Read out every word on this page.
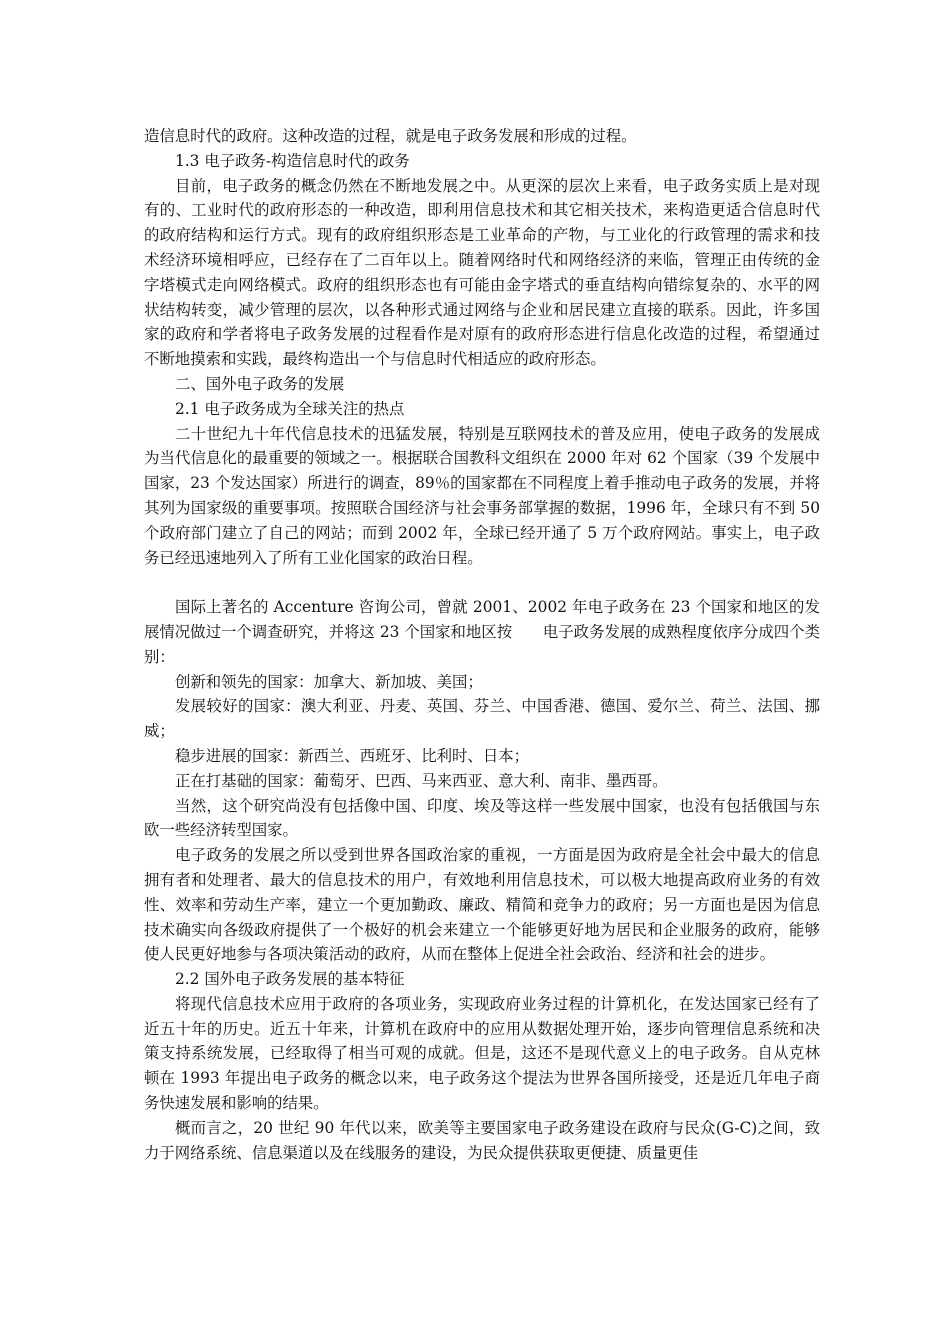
造信息时代的政府。这种改造的过程，就是电子政务发展和形成的过程。

1.3 电子政务-构造信息时代的政务

目前，电子政务的概念仍然在不断地发展之中。从更深的层次上来看，电子政务实质上是对现有的、工业时代的政府形态的一种改造，即利用信息技术和其它相关技术，来构造更适合信息时代的政府结构和运行方式。现有的政府组织形态是工业革命的产物，与工业化的行政管理的需求和技术经济环境相呼应，已经存在了二百年以上。随着网络时代和网络经济的来临，管理正由传统的金字塔模式走向网络模式。政府的组织形态也有可能由金字塔式的垂直结构向错综复杂的、水平的网状结构转变，减少管理的层次，以各种形式通过网络与企业和居民建立直接的联系。因此，许多国家的政府和学者将电子政务发展的过程看作是对原有的政府形态进行信息化改造的过程，希望通过不断地摸索和实践，最终构造出一个与信息时代相适应的政府形态。

二、国外电子政务的发展

2.1 电子政务成为全球关注的热点

二十世纪九十年代信息技术的迅猛发展，特别是互联网技术的普及应用，使电子政务的发展成为当代信息化的最重要的领域之一。根据联合国教科文组织在 2000 年对 62 个国家（39 个发展中国家，23 个发达国家）所进行的调查，89％的国家都在不同程度上着手推动电子政务的发展，并将其列为国家级的重要事项。按照联合国经济与社会事务部掌握的数据，1996 年，全球只有不到 50 个政府部门建立了自己的网站；而到 2002 年，全球已经开通了 5 万个政府网站。事实上，电子政务已经迅速地列入了所有工业化国家的政治日程。

国际上著名的 Accenture 咨询公司，曾就 2001、2002 年电子政务在 23 个国家和地区的发展情况做过一个调查研究，并将这 23 个国家和地区按　　电子政务发展的成熟程度依序分成四个类别：

创新和领先的国家：加拿大、新加坡、美国；

发展较好的国家：澳大利亚、丹麦、英国、芬兰、中国香港、德国、爱尔兰、荷兰、法国、挪威；

稳步进展的国家：新西兰、西班牙、比利时、日本；

正在打基础的国家：葡萄牙、巴西、马来西亚、意大利、南非、墨西哥。

当然，这个研究尚没有包括像中国、印度、埃及等这样一些发展中国家，也没有包括俄国与东欧一些经济转型国家。

电子政务的发展之所以受到世界各国政治家的重视，一方面是因为政府是全社会中最大的信息拥有者和处理者、最大的信息技术的用户，有效地利用信息技术，可以极大地提高政府业务的有效性、效率和劳动生产率，建立一个更加勤政、廉政、精简和竞争力的政府；另一方面也是因为信息技术确实向各级政府提供了一个极好的机会来建立一个能够更好地为居民和企业服务的政府，能够使人民更好地参与各项决策活动的政府，从而在整体上促进全社会政治、经济和社会的进步。

2.2 国外电子政务发展的基本特征

将现代信息技术应用于政府的各项业务，实现政府业务过程的计算机化，在发达国家已经有了近五十年的历史。近五十年来，计算机在政府中的应用从数据处理开始，逐步向管理信息系统和决策支持系统发展，已经取得了相当可观的成就。但是，这还不是现代意义上的电子政务。自从克林顿在 1993 年提出电子政务的概念以来，电子政务这个提法为世界各国所接受，还是近几年电子商务快速发展和影响的结果。

概而言之，20 世纪 90 年代以来，欧美等主要国家电子政务建设在政府与民众(G-C)之间，致力于网络系统、信息渠道以及在线服务的建设，为民众提供获取更便捷、质量更佳
